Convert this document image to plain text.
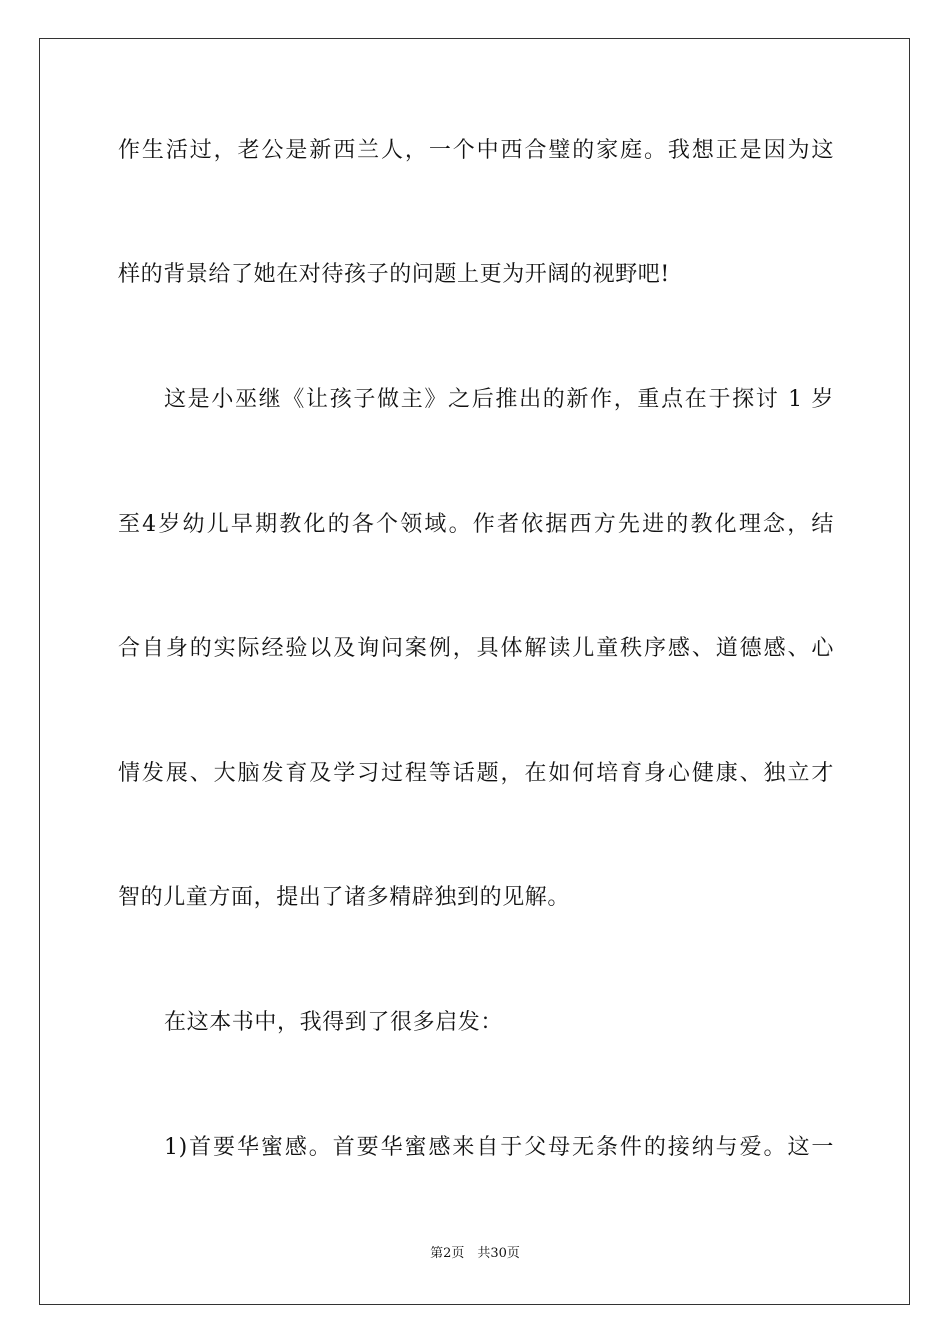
作生活过，老公是新西兰人，一个中西合璧的家庭。我想正是因为这
样的背景给了她在对待孩子的问题上更为开阔的视野吧!
这是小巫继《让孩子做主》之后推出的新作，重点在于探讨 1 岁
至4岁幼儿早期教化的各个领域。作者依据西方先进的教化理念，结
合自身的实际经验以及询问案例，具体解读儿童秩序感、道德感、心
情发展、大脑发育及学习过程等话题，在如何培育身心健康、独立才
智的儿童方面，提出了诸多精辟独到的见解。
在这本书中，我得到了很多启发：
1)首要华蜜感。首要华蜜感来自于父母无条件的接纳与爱。这一
第2页　共30页
